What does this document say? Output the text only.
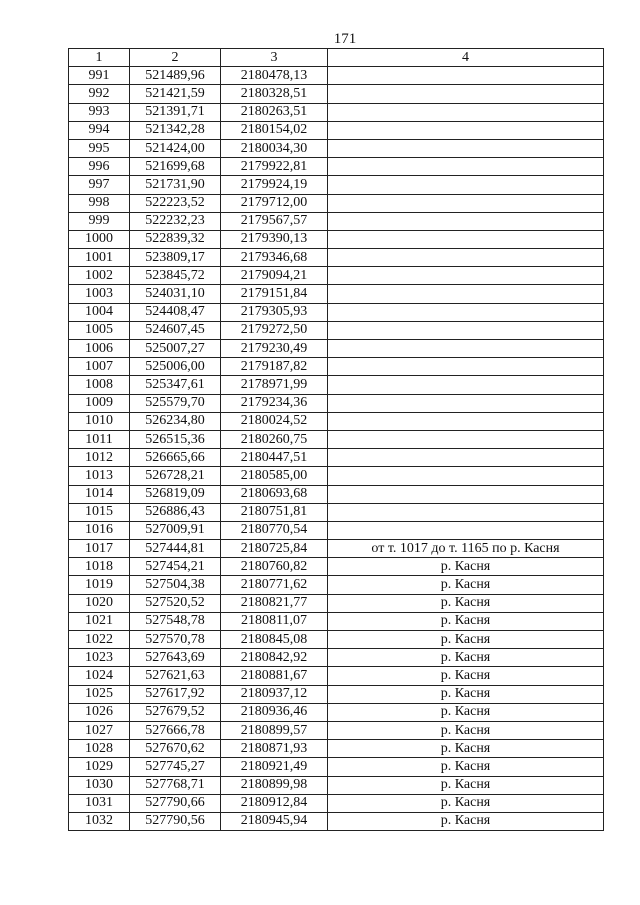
171
1	2	3	4
991	521489,96	2180478,13	
992	521421,59	2180328,51	
993	521391,71	2180263,51	
994	521342,28	2180154,02	
995	521424,00	2180034,30	
996	521699,68	2179922,81	
997	521731,90	2179924,19	
998	522223,52	2179712,00	
999	522232,23	2179567,57	
1000	522839,32	2179390,13	
1001	523809,17	2179346,68	
1002	523845,72	2179094,21	
1003	524031,10	2179151,84	
1004	524408,47	2179305,93	
1005	524607,45	2179272,50	
1006	525007,27	2179230,49	
1007	525006,00	2179187,82	
1008	525347,61	2178971,99	
1009	525579,70	2179234,36	
1010	526234,80	2180024,52	
1011	526515,36	2180260,75	
1012	526665,66	2180447,51	
1013	526728,21	2180585,00	
1014	526819,09	2180693,68	
1015	526886,43	2180751,81	
1016	527009,91	2180770,54	
1017	527444,81	2180725,84	от т. 1017 до т. 1165 по р. Касня
1018	527454,21	2180760,82	р. Касня
1019	527504,38	2180771,62	р. Касня
1020	527520,52	2180821,77	р. Касня
1021	527548,78	2180811,07	р. Касня
1022	527570,78	2180845,08	р. Касня
1023	527643,69	2180842,92	р. Касня
1024	527621,63	2180881,67	р. Касня
1025	527617,92	2180937,12	р. Касня
1026	527679,52	2180936,46	р. Касня
1027	527666,78	2180899,57	р. Касня
1028	527670,62	2180871,93	р. Касня
1029	527745,27	2180921,49	р. Касня
1030	527768,71	2180899,98	р. Касня
1031	527790,66	2180912,84	р. Касня
1032	527790,56	2180945,94	р. Касня
